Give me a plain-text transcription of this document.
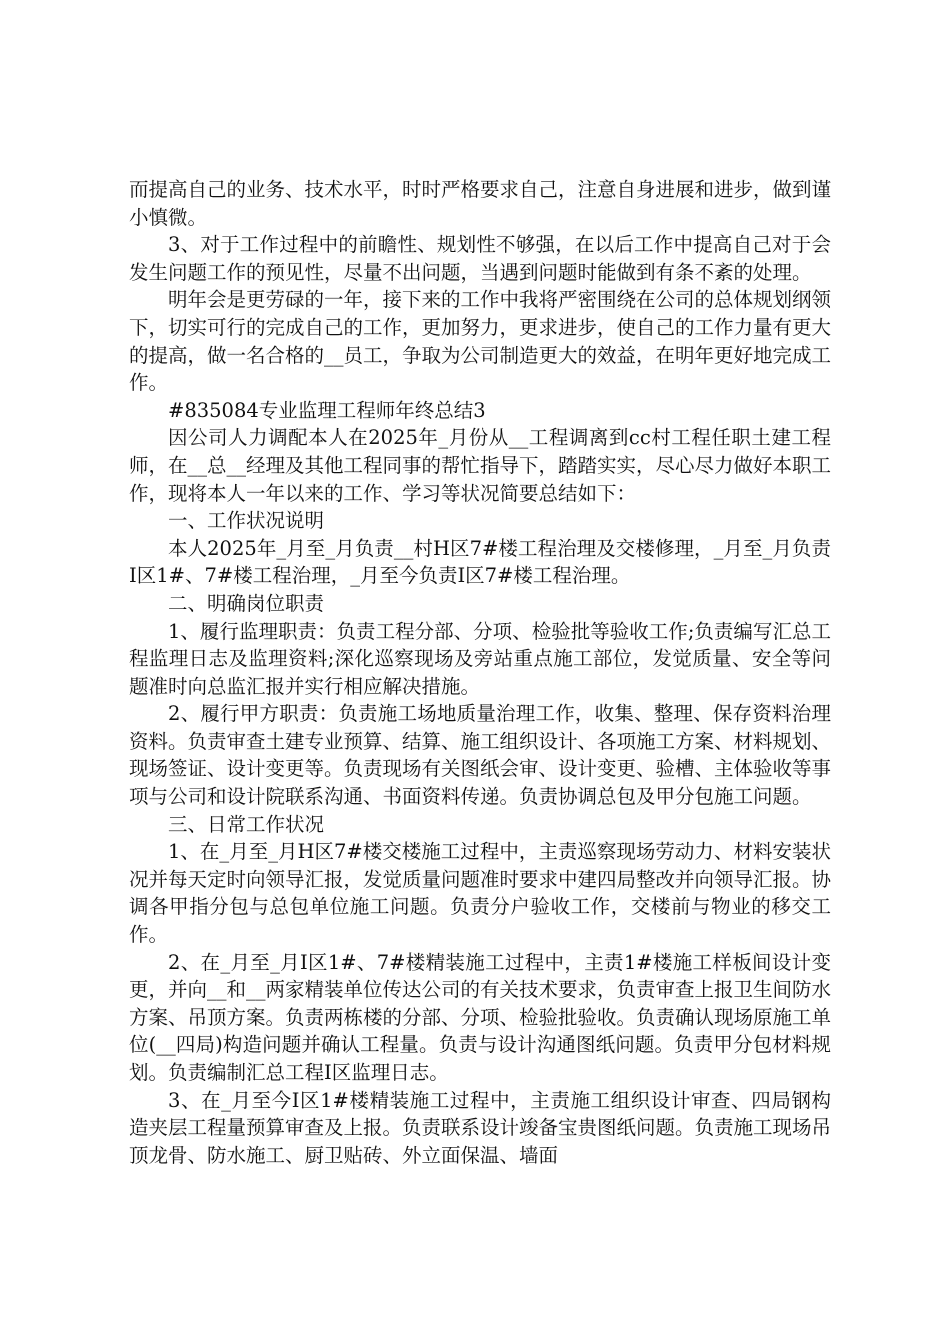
而提高自己的业务、技术水平，时时严格要求自己，注意自身进展和进步，做到谨小慎微。

3、对于工作过程中的前瞻性、规划性不够强，在以后工作中提高自己对于会发生问题工作的预见性，尽量不出问题，当遇到问题时能做到有条不紊的处理。

明年会是更劳碌的一年，接下来的工作中我将严密围绕在公司的总体规划纲领下，切实可行的完成自己的工作，更加努力，更求进步，使自己的工作力量有更大的提高，做一名合格的__员工，争取为公司制造更大的效益，在明年更好地完成工作。

#835084专业监理工程师年终总结3

因公司人力调配本人在2025年_月份从__工程调离到cc村工程任职土建工程师，在__总__经理及其他工程同事的帮忙指导下，踏踏实实，尽心尽力做好本职工作，现将本人一年以来的工作、学习等状况简要总结如下：

一、工作状况说明

本人2025年_月至_月负责__村H区7#楼工程治理及交楼修理，_月至_月负责I区1#、7#楼工程治理，_月至今负责I区7#楼工程治理。

二、明确岗位职责

1、履行监理职责：负责工程分部、分项、检验批等验收工作;负责编写汇总工程监理日志及监理资料;深化巡察现场及旁站重点施工部位，发觉质量、安全等问题准时向总监汇报并实行相应解决措施。

2、履行甲方职责：负责施工场地质量治理工作，收集、整理、保存资料治理资料。负责审查土建专业预算、结算、施工组织设计、各项施工方案、材料规划、现场签证、设计变更等。负责现场有关图纸会审、设计变更、验槽、主体验收等事项与公司和设计院联系沟通、书面资料传递。负责协调总包及甲分包施工问题。

三、日常工作状况

1、在_月至_月H区7#楼交楼施工过程中，主责巡察现场劳动力、材料安装状况并每天定时向领导汇报，发觉质量问题准时要求中建四局整改并向领导汇报。协调各甲指分包与总包单位施工问题。负责分户验收工作，交楼前与物业的移交工作。

2、在_月至_月I区1#、7#楼精装施工过程中，主责1#楼施工样板间设计变更，并向__和__两家精装单位传达公司的有关技术要求，负责审查上报卫生间防水方案、吊顶方案。负责两栋楼的分部、分项、检验批验收。负责确认现场原施工单位(__四局)构造问题并确认工程量。负责与设计沟通图纸问题。负责甲分包材料规划。负责编制汇总工程I区监理日志。

3、在_月至今I区1#楼精装施工过程中，主责施工组织设计审查、四局钢构造夹层工程量预算审查及上报。负责联系设计竣备宝贵图纸问题。负责施工现场吊顶龙骨、防水施工、厨卫贴砖、外立面保温、墙面
